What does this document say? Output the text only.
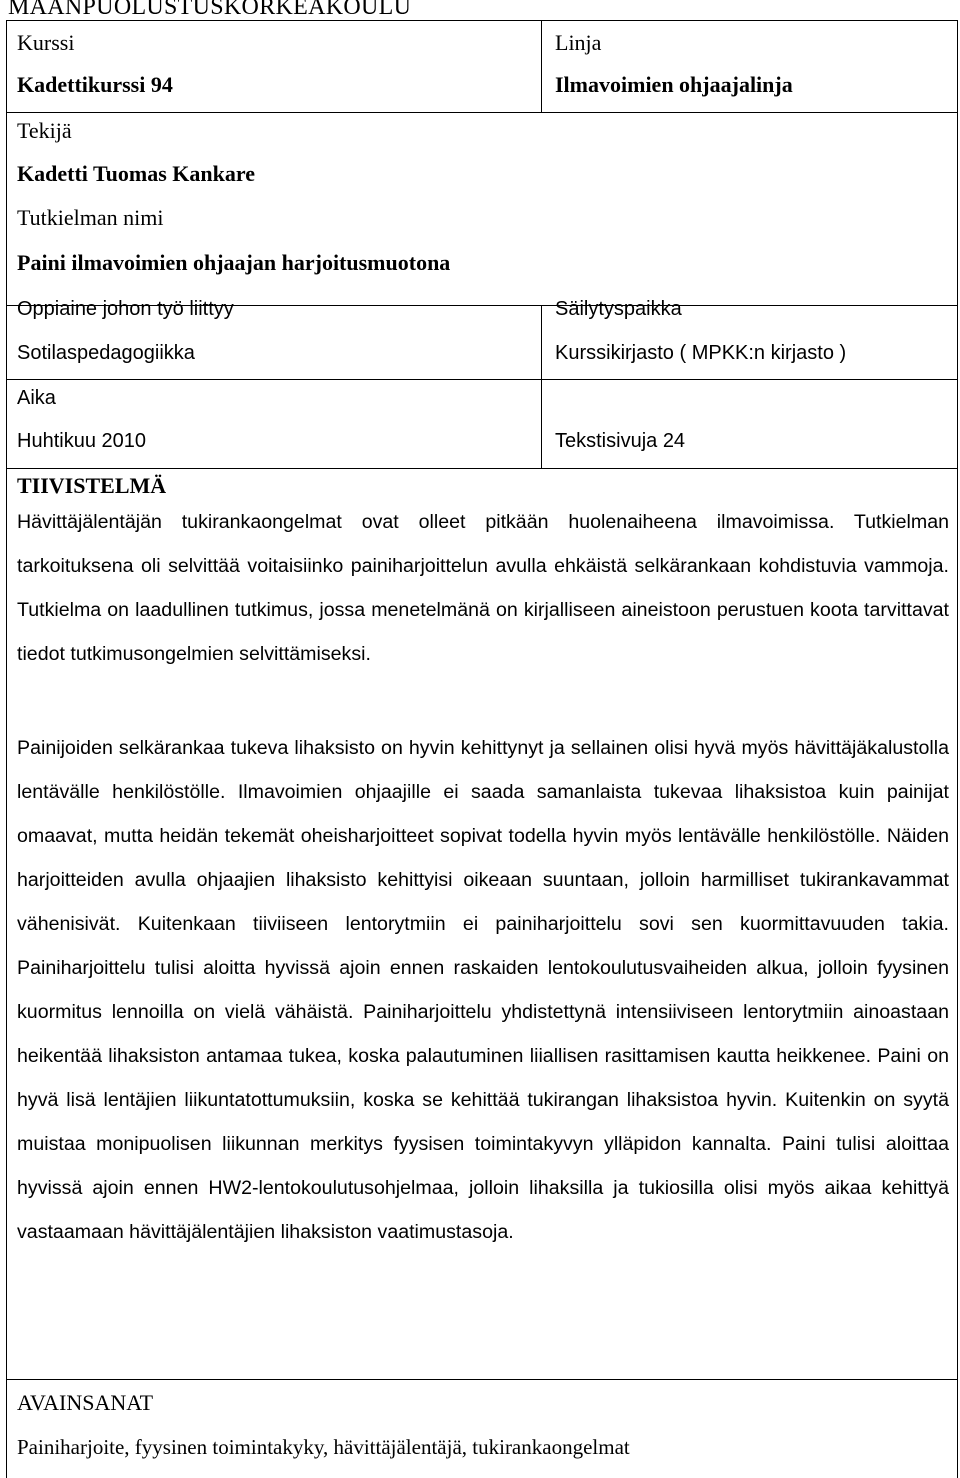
MAANPUOLUSTUSKORKEAKOULU
Kurssi
Kadettikurssi 94
Linja
Ilmavoimien ohjaajalinja
Tekijä
Kadetti Tuomas Kankare
Tutkielman nimi
Paini ilmavoimien ohjaajan harjoitusmuotona
Oppiaine johon työ liittyy
Sotilaspedagogiikka
Säilytyspaikka
Kurssikirjasto ( MPKK:n kirjasto )
Aika
Huhtikuu 2010	Tekstisivuja 24
TIIVISTELMÄ
Hävittäjälentäjän tukirankaongelmat ovat olleet pitkään huolenaiheena ilmavoimissa. Tutkielman tarkoituksena oli selvittää voitaisiinko painiharjoittelun avulla ehkäistä selkärankaan kohdistuvia vammoja. Tutkielma on laadullinen tutkimus, jossa menetelmänä on kirjalliseen aineistoon perustuen koota tarvittavat tiedot tutkimusongelmien selvittämiseksi.
Painijoiden selkärankaa tukeva lihaksisto on hyvin kehittynyt ja sellainen olisi hyvä myös hävittäjäkalustolla lentävälle henkilöstölle. Ilmavoimien ohjaajille ei saada samanlaista tukevaa lihaksistoa kuin painijat omaavat, mutta heidän tekemät oheisharjoitteet sopivat todella hyvin myös lentävälle henkilöstölle. Näiden harjoitteiden avulla ohjaajien lihaksisto kehittyisi oikeaan suuntaan, jolloin harmilliset tukirankavammat vähenisivät. Kuitenkaan tiiviiseen lentorytmiin ei painiharjoittelu sovi sen kuormittavuuden takia. Painiharjoittelu tulisi aloitta hyvissä ajoin ennen raskaiden lentokoulutusvaiheiden alkua, jolloin fyysinen kuormitus lennoilla on vielä vähäistä. Painiharjoittelu yhdistettynä intensiiviseen lentorytmiin ainoastaan heikentää lihaksiston antamaa tukea, koska palautuminen liiallisen rasittamisen kautta heikkenee. Paini on hyvä lisä lentäjien liikuntatottumuksiin, koska se kehittää tukirangan lihaksistoa hyvin. Kuitenkin on syytä muistaa monipuolisen liikunnan merkitys fyysisen toimintakyvyn ylläpidon kannalta. Paini tulisi aloittaa hyvissä ajoin ennen HW2-lentokoulutusohjelmaa, jolloin lihaksilla ja tukiosilla olisi myös aikaa kehittyä vastaamaan hävittäjälentäjien lihaksiston vaatimustasoja.
AVAINSANAT
Painiharjoite, fyysinen toimintakyky, hävittäjälentäjä, tukirankaongelmat
